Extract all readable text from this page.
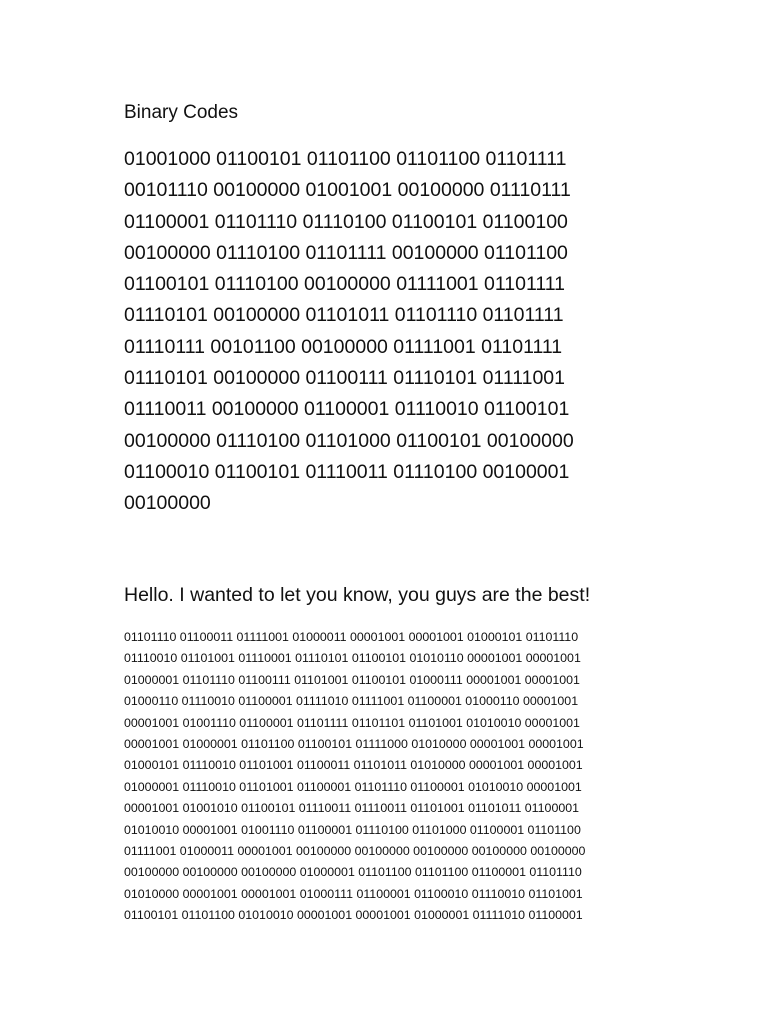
Binary Codes
01001000 01100101 01101100 01101100 01101111
00101110 00100000 01001001 00100000 01110111
01100001 01101110 01110100 01100101 01100100
00100000 01110100 01101111 00100000 01101100
01100101 01110100 00100000 01111001 01101111
01110101 00100000 01101011 01101110 01101111
01110111 00101100 00100000 01111001 01101111
01110101 00100000 01100111 01110101 01111001
01110011 00100000 01100001 01110010 01100101
00100000 01110100 01101000 01100101 00100000
01100010 01100101 01110011 01110100 00100001
00100000
Hello. I wanted to let you know, you guys are the best!
01101110 01100011 01111001 01000011 00001001 00001001 01000101 01101110
01110010 01101001 01110001 01110101 01100101 01010110 00001001 00001001
01000001 01101110 01100111 01101001 01100101 01000111 00001001 00001001
01000110 01110010 01100001 01111010 01111001 01100001 01000110 00001001
00001001 01001110 01100001 01101111 01101101 01101001 01010010 00001001
00001001 01000001 01101100 01100101 01111000 01010000 00001001 00001001
01000101 01110010 01101001 01100011 01101011 01010000 00001001 00001001
01000001 01110010 01101001 01100001 01101110 01100001 01010010 00001001
00001001 01001010 01100101 01110011 01110011 01101001 01101011 01100001
01010010 00001001 01001110 01100001 01110100 01101000 01100001 01101100
01111001 01000011 00001001 00100000 00100000 00100000 00100000 00100000
00100000 00100000 00100000 01000001 01101100 01101100 01100001 01101110
01010000 00001001 00001001 01000111 01100001 01100010 01110010 01101001
01100101 01101100 01010010 00001001 00001001 01000001 01111010 01100001
